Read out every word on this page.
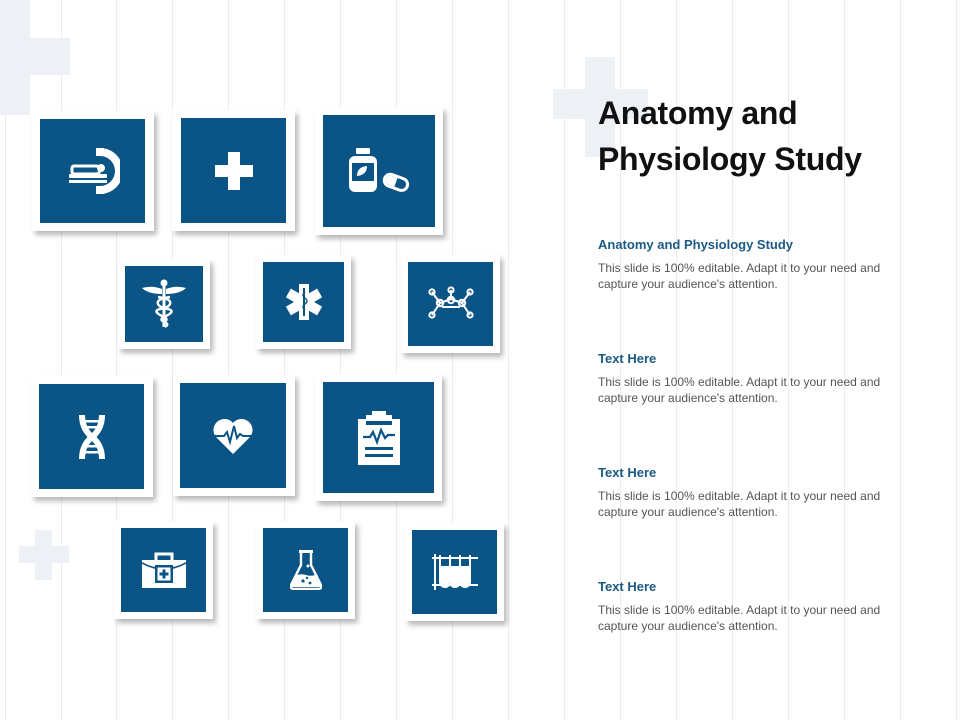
Anatomy and Physiology Study
Anatomy and Physiology Study
This slide is 100% editable. Adapt it to your need and capture your audience's attention.
Text Here
This slide is 100% editable. Adapt it to your need and capture your audience's attention.
Text Here
This slide is 100% editable. Adapt it to your need and capture your audience's attention.
Text Here
This slide is 100% editable. Adapt it to your need and capture your audience's attention.
